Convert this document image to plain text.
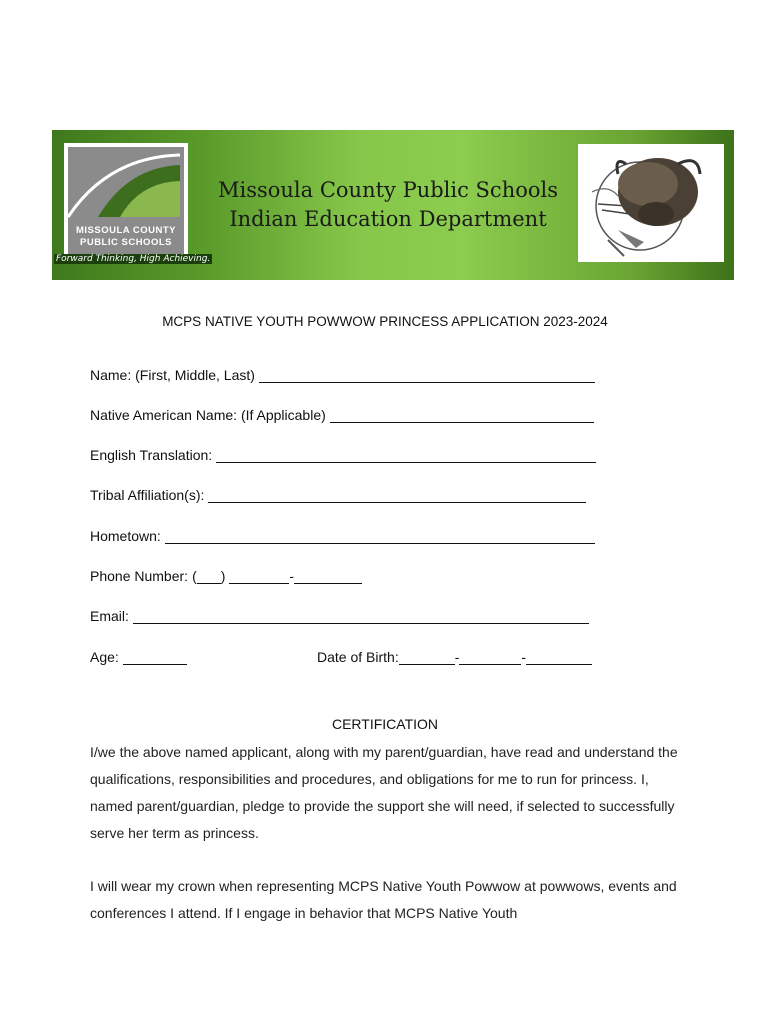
MISSOULA COUNTY PUBLIC SCHOOLS
Forward Thinking, High Achieving.
Missoula County Public Schools
Indian Education Department
MCPS NATIVE YOUTH POWWOW PRINCESS APPLICATION 2023-2024
Name: (First, Middle, Last)
Native American Name: (If Applicable)
English Translation:
Tribal Affiliation(s):
Hometown:
Phone Number: ( )	-
Email:
Age:	Date of Birth:	-	-
CERTIFICATION
I/we the above named applicant, along with my parent/guardian, have read and understand the qualifications, responsibilities and procedures, and obligations for me to run for princess. I, named parent/guardian, pledge to provide the support she will need, if selected to successfully serve her term as princess.
I will wear my crown when representing MCPS Native Youth Powwow at powwows, events and conferences I attend. If I engage in behavior that MCPS Native Youth
